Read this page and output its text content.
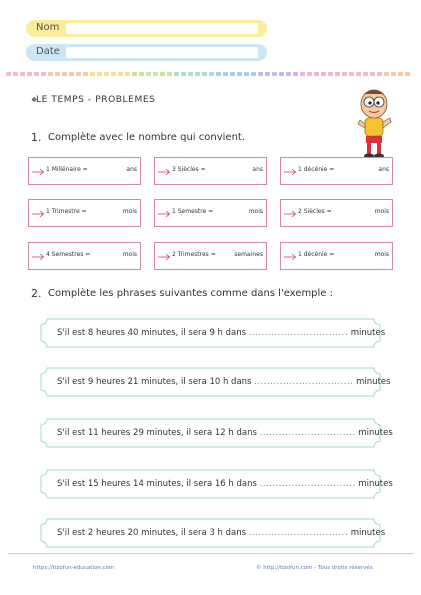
Nom
Date
❖
LE TEMPS - PROBLEMES
1. Complète avec le nombre qui convient.
1 Millénaire =	ans	3 Siècles =	ans	1 décénie =	ans
1 Trimestre =	mois	1 Semestre =	mois	2 Siècles =	mois
4 Semestres =	mois	2 Trimestres =	semaines	1 décénie =	mois
2. Complète les phrases suivantes comme dans l'exemple :
S'il est 8 heures 40 minutes, il sera 9 h dans ............................... minutes
S'il est 9 heures 21 minutes, il sera 10 h dans ............................... minutes
S'il est 11 heures 29 minutes, il sera 12 h dans .............................. minutes
S'il est 15 heures 14 minutes, il sera 16 h dans .............................. minutes
S'il est 2 heures 20 minutes, il sera 3 h dans ............................... minutes
https://tizofun-education.com	© http://tizofun.com - Tous droits réservés
